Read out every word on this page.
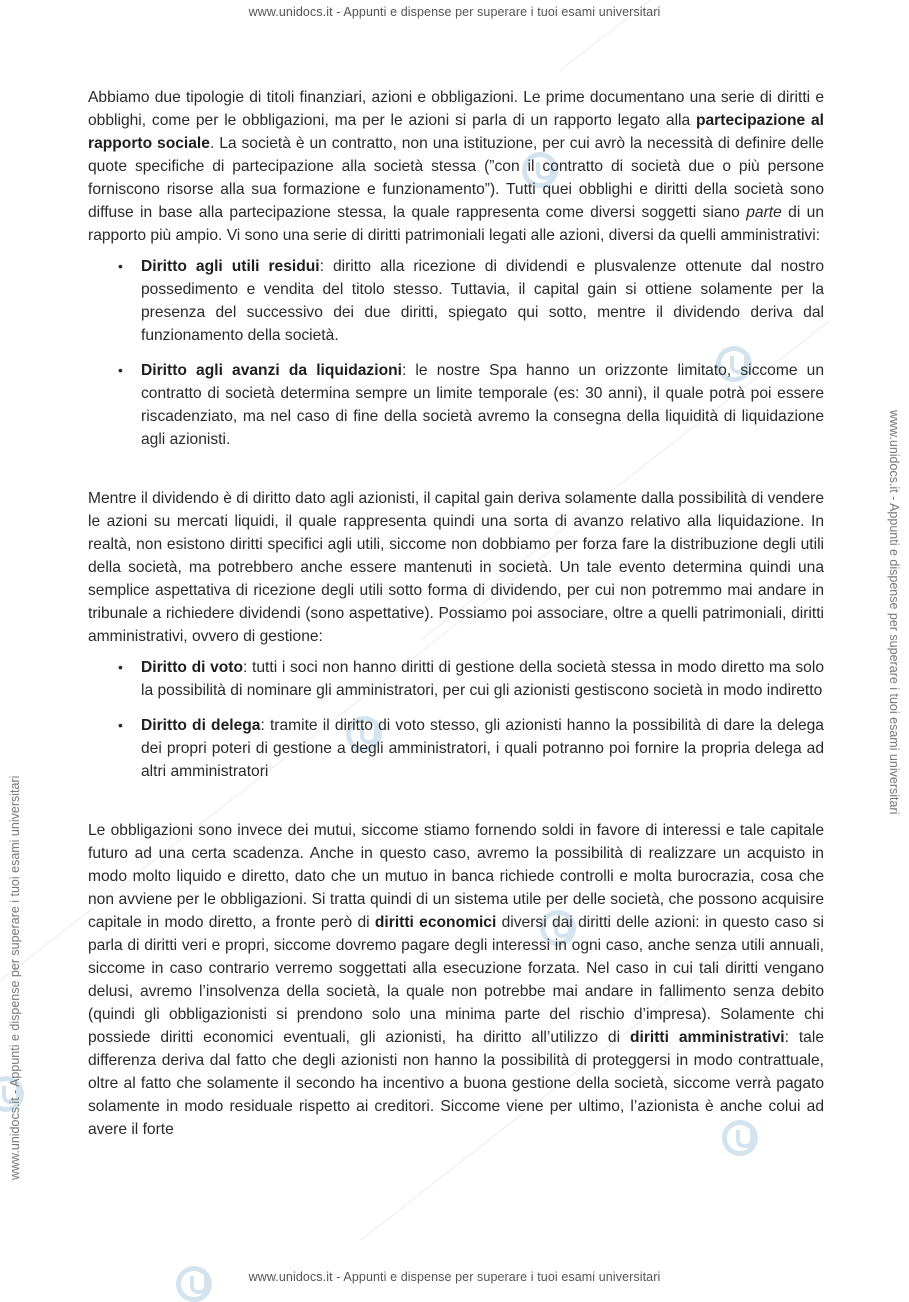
www.unidocs.it - Appunti e dispense per superare i tuoi esami universitari
www.unidocs.it - Appunti e dispense per superare i tuoi esami universitari
www.unidocs.it - Appunti e dispense per superare i tuoi esami universitari
www.unidocs.it - Appunti e dispense per superare i tuoi esami universitari

Abbiamo due tipologie di titoli finanziari, azioni e obbligazioni. Le prime documentano una serie di diritti e obblighi, come per le obbligazioni, ma per le azioni si parla di un rapporto legato alla partecipazione al rapporto sociale. La società è un contratto, non una istituzione, per cui avrò la necessità di definire delle quote specifiche di partecipazione alla società stessa (”con il contratto di società due o più persone forniscono risorse alla sua formazione e funzionamento”). Tutti quei obblighi e diritti della società sono diffuse in base alla partecipazione stessa, la quale rappresenta come diversi soggetti siano parte di un rapporto più ampio. Vi sono una serie di diritti patrimoniali legati alle azioni, diversi da quelli amministrativi:

• Diritto agli utili residui: diritto alla ricezione di dividendi e plusvalenze ottenute dal nostro possedimento e vendita del titolo stesso. Tuttavia, il capital gain si ottiene solamente per la presenza del successivo dei due diritti, spiegato qui sotto, mentre il dividendo deriva dal funzionamento della società.
• Diritto agli avanzi da liquidazioni: le nostre Spa hanno un orizzonte limitato, siccome un contratto di società determina sempre un limite temporale (es: 30 anni), il quale potrà poi essere riscadenziato, ma nel caso di fine della società avremo la consegna della liquidità di liquidazione agli azionisti.

Mentre il dividendo è di diritto dato agli azionisti, il capital gain deriva solamente dalla possibilità di vendere le azioni su mercati liquidi, il quale rappresenta quindi una sorta di avanzo relativo alla liquidazione. In realtà, non esistono diritti specifici agli utili, siccome non dobbiamo per forza fare la distribuzione degli utili della società, ma potrebbero anche essere mantenuti in società. Un tale evento determina quindi una semplice aspettativa di ricezione degli utili sotto forma di dividendo, per cui non potremmo mai andare in tribunale a richiedere dividendi (sono aspettative). Possiamo poi associare, oltre a quelli patrimoniali, diritti amministrativi, ovvero di gestione:

• Diritto di voto: tutti i soci non hanno diritti di gestione della società stessa in modo diretto ma solo la possibilità di nominare gli amministratori, per cui gli azionisti gestiscono società in modo indiretto
• Diritto di delega: tramite il diritto di voto stesso, gli azionisti hanno la possibilità di dare la delega dei propri poteri di gestione a degli amministratori, i quali potranno poi fornire la propria delega ad altri amministratori

Le obbligazioni sono invece dei mutui, siccome stiamo fornendo soldi in favore di interessi e tale capitale futuro ad una certa scadenza. Anche in questo caso, avremo la possibilità di realizzare un acquisto in modo molto liquido e diretto, dato che un mutuo in banca richiede controlli e molta burocrazia, cosa che non avviene per le obbligazioni. Si tratta quindi di un sistema utile per delle società, che possono acquisire capitale in modo diretto, a fronte però di diritti economici diversi dai diritti delle azioni: in questo caso si parla di diritti veri e propri, siccome dovremo pagare degli interessi in ogni caso, anche senza utili annuali, siccome in caso contrario verremo soggettati alla esecuzione forzata. Nel caso in cui tali diritti vengano delusi, avremo l’insolvenza della società, la quale non potrebbe mai andare in fallimento senza debito (quindi gli obbligazionisti si prendono solo una minima parte del rischio d’impresa). Solamente chi possiede diritti economici eventuali, gli azionisti, ha diritto all’utilizzo di diritti amministrativi: tale differenza deriva dal fatto che degli azionisti non hanno la possibilità di proteggersi in modo contrattuale, oltre al fatto che solamente il secondo ha incentivo a buona gestione della società, siccome verrà pagato solamente in modo residuale rispetto ai creditori. Siccome viene per ultimo, l’azionista è anche colui ad avere il forte
